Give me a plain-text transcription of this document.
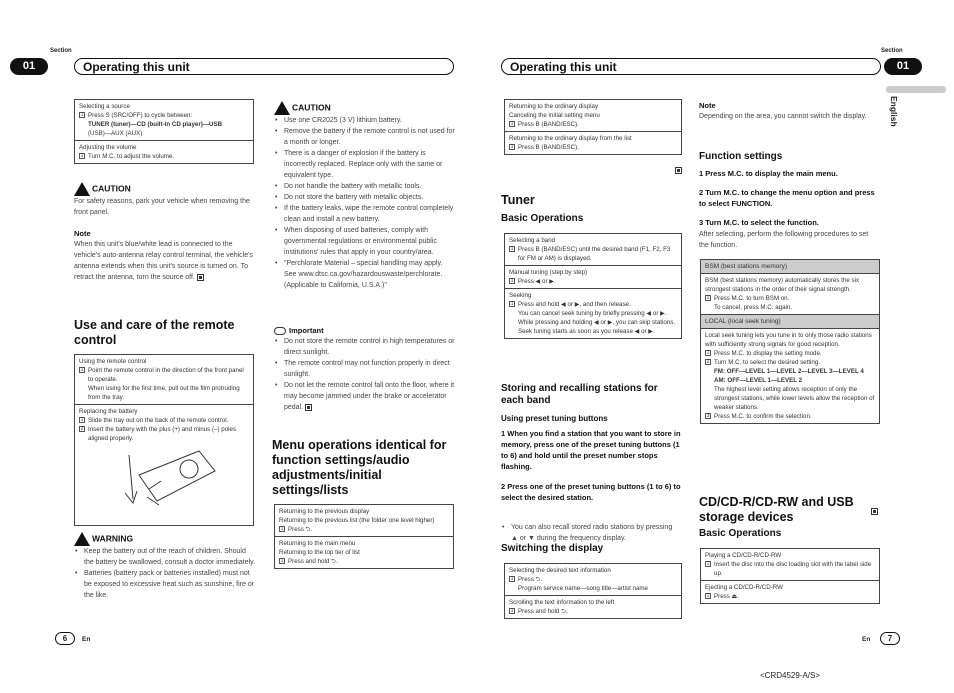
Section
01	Operating this unit
Selecting a source
1 Press S (SRC/OFF) to cycle between:
TUNER (tuner)—CD (built-in CD player)—USB
(USB)—AUX (AUX)
Adjusting the volume
1 Turn M.C. to adjust the volume.
CAUTION
For safety reasons, park your vehicle when removing the front panel.
Note
When this unit's blue/white lead is connected to the vehicle's auto-antenna relay control terminal, the vehicle's antenna extends when this unit's source is turned on. To retract the antenna, turn the source off.
Use and care of the remote control
Using the remote control
1 Point the remote control in the direction of the front panel to operate.
When using for the first time, pull out the film protruding from the tray.
Replacing the battery
1 Slide the tray out on the back of the remote control.
2 Insert the battery with the plus (+) and minus (–) poles aligned properly.
WARNING
• Keep the battery out of the reach of children. Should the battery be swallowed, consult a doctor immediately.
• Batteries (battery pack or batteries installed) must not be exposed to excessive heat such as sunshine, fire or the like.
CAUTION
• Use one CR2025 (3 V) lithium battery.
• Remove the battery if the remote control is not used for a month or longer.
• There is a danger of explosion if the battery is incorrectly replaced. Replace only with the same or equivalent type.
• Do not handle the battery with metallic tools.
• Do not store the battery with metallic objects.
• If the battery leaks, wipe the remote control completely clean and install a new battery.
• When disposing of used batteries, comply with governmental regulations or environmental public institutions' rules that apply in your country/area.
• "Perchlorate Material – special handling may apply.
See www.dtsc.ca.gov/hazardouswaste/perchlorate. (Applicable to California, U.S.A.)"
Important
• Do not store the remote control in high temperatures or direct sunlight.
• The remote control may not function properly in direct sunlight.
• Do not let the remote control fall onto the floor, where it may become jammed under the brake or accelerator pedal.
Menu operations identical for function settings/audio adjustments/initial settings/lists
Returning to the previous display
Returning to the previous list (the folder one level higher)
1 Press ⮌.
Returning to the main menu
Returning to the top tier of list
1 Press and hold ⮌.
6	En
Section
Operating this unit	01
English
Returning to the ordinary display
Canceling the initial setting menu
1 Press B (BAND/ESC).
Returning to the ordinary display from the list
1 Press B (BAND/ESC).
Tuner
Basic Operations
Selecting a band
1 Press B (BAND/ESC) until the desired band (F1, F2, F3 for FM or AM) is displayed.
Manual tuning (step by step)
1 Press ◀ or ▶.
Seeking
1 Press and hold ◀ or ▶, and then release.
You can cancel seek tuning by briefly pressing ◀ or ▶.
While pressing and holding ◀ or ▶, you can skip stations. Seek tuning starts as soon as you release ◀ or ▶.
Storing and recalling stations for each band
Using preset tuning buttons
1 When you find a station that you want to store in memory, press one of the preset tuning buttons (1 to 6) and hold until the preset number stops flashing.
2 Press one of the preset tuning buttons (1 to 6) to select the desired station.
• You can also recall stored radio stations by pressing ▲ or ▼ during the frequency display.
Switching the display
Selecting the desired text information
1 Press ⮌.
Program service name—song title—artist name
Scrolling the text information to the left
1 Press and hold ⮌.
Note
Depending on the area, you cannot switch the display.
Function settings
1 Press M.C. to display the main menu.
2 Turn M.C. to change the menu option and press to select FUNCTION.
3 Turn M.C. to select the function.
After selecting, perform the following procedures to set the function.
BSM (best stations memory)
BSM (best stations memory) automatically stores the six strongest stations in the order of their signal strength.
1 Press M.C. to turn BSM on.
To cancel, press M.C. again.
LOCAL (local seek tuning)
Local seek tuning lets you tune in to only those radio stations with sufficiently strong signals for good reception.
1 Press M.C. to display the setting mode.
2 Turn M.C. to select the desired setting.
FM: OFF—LEVEL 1—LEVEL 2—LEVEL 3—LEVEL 4
AM: OFF—LEVEL 1—LEVEL 2
The highest level setting allows reception of only the strongest stations, while lower levels allow the reception of weaker stations.
3 Press M.C. to confirm the selection.
CD/CD-R/CD-RW and USB storage devices
Basic Operations
Playing a CD/CD-R/CD-RW
1 Insert the disc into the disc loading slot with the label side up.
Ejecting a CD/CD-R/CD-RW
1 Press ⏏.
En	7
<CRD4529-A/S>
